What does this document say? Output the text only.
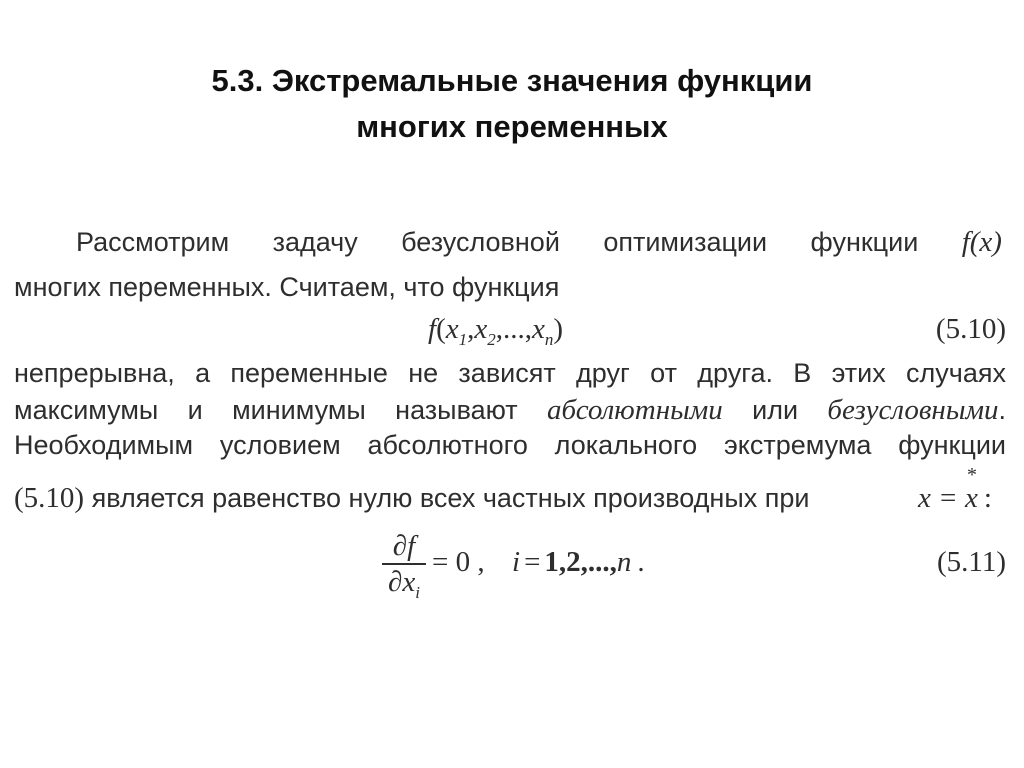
5.3. Экстремальные значения функции
многих переменных
Рассмотрим задачу безусловной оптимизации функции f(x)
многих переменных. Считаем, что функция
$f(x_1,x_2,...,x_n)$	(5.10)
непрерывна, а переменные не зависят друг от друга. В этих случаях
максимумы и минимумы называют абсолютными или безусловными.
Необходимым условием абсолютного локального экстремума функции
(5.10) является равенство нулю всех частных производных при	x = x :
*
∂f
$\partial x_i$
= 0 , i = 1,2,...,n .	(5.11)
